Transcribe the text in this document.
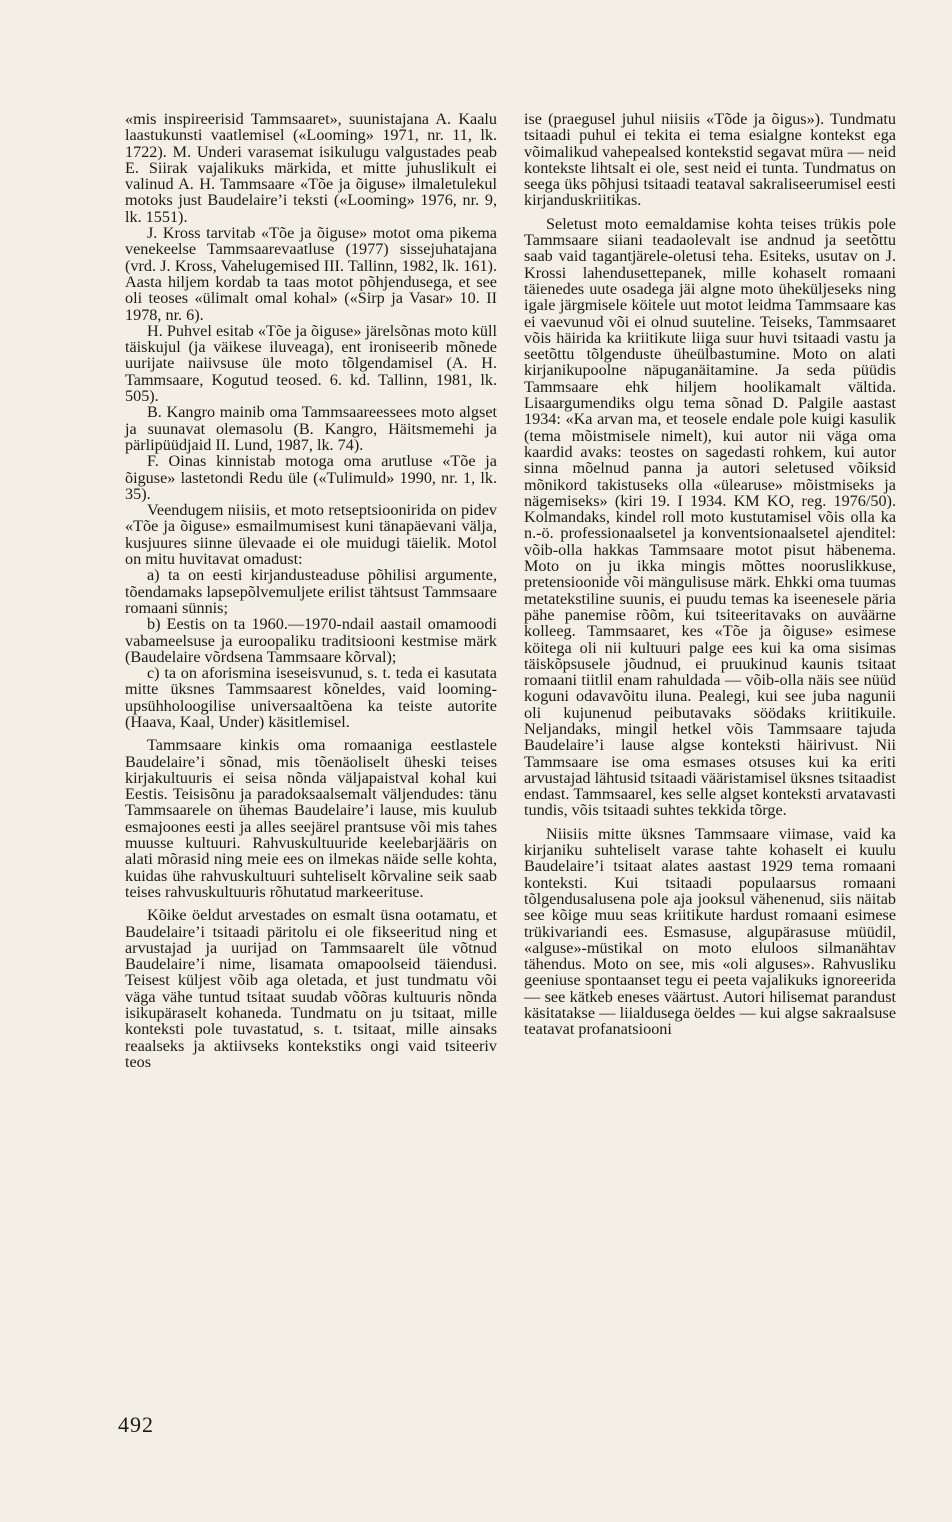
«mis inspireerisid Tammsaaret», suunistajana A. Kaalu laastukunsti vaatlemisel («Looming» 1971, nr. 11, lk. 1722). M. Underi varasemat isikulugu valgustades peab E. Siirak vajalikuks märkida, et mitte juhuslikult ei valinud A. H. Tammsaare «Tõe ja õiguse» ilmaletulekul motoks just Baudelaire’i teksti («Looming» 1976, nr. 9, lk. 1551).

J. Kross tarvitab «Tõe ja õiguse» motot oma pikema venekeelse Tammsaarevaatluse (1977) sissejuhatajana (vrd. J. Kross, Vahelugemised III. Tallinn, 1982, lk. 161). Aasta hiljem kordab ta taas motot põhjendusega, et see oli teoses «ülimalt omal kohal» («Sirp ja Vasar» 10. II 1978, nr. 6).

H. Puhvel esitab «Tõe ja õiguse» järelsõnas moto küll täiskujul (ja väikese iluveaga), ent ironiseerib mõnede uurijate naiivsuse üle moto tõlgendamisel (A. H. Tammsaare, Kogutud teosed. 6. kd. Tallinn, 1981, lk. 505).

B. Kangro mainib oma Tammsaareessees moto algset ja suunavat olemasolu (B. Kangro, Häitsmemehi ja pärlipüüdjaid II. Lund, 1987, lk. 74).

F. Oinas kinnistab motoga oma arutluse «Tõe ja õiguse» lastetondi Redu üle («Tulimuld» 1990, nr. 1, lk. 35).

Veendugem niisiis, et moto retseptsioonirida on pidev «Tõe ja õiguse» esmailmumisest kuni tänapäevani välja, kusjuures siinne ülevaade ei ole muidugi täielik. Motol on mitu huvitavat omadust:

a) ta on eesti kirjandusteaduse põhilisi argumente, tõendamaks lapsepõlvemuljete erilist tähtsust Tammsaare romaani sünnis;

b) Eestis on ta 1960.—1970-ndail aastail omamoodi vabameelsuse ja euroopaliku traditsiooni kestmise märk (Baudelaire võrdsena Tammsaare kõrval);

c) ta on aforismina iseseisvunud, s. t. teda ei kasutata mitte üksnes Tammsaarest kõneldes, vaid loomingupsühholoogilise universaaltõena ka teiste autorite (Haava, Kaal, Under) käsitlemisel.

Tammsaare kinkis oma romaaniga eestlastele Baudelaire’i sõnad, mis tõenäoliselt üheski teises kirjakultuuris ei seisa nõnda väljapaistval kohal kui Eestis. Teisisõnu ja paradoksaalsemalt väljendudes: tänu Tammsaarele on ühemas Baudelaire’i lause, mis kuulub esmajoones eesti ja alles seejärel prantsuse või mis tahes muusse kultuuri. Rahvuskultuuride keelebarjääris on alati mõrasid ning meie ees on ilmekas näide selle kohta, kuidas ühe rahvuskultuuri suhteliselt kõrvaline seik saab teises rahvuskultuuris rõhutatud markeerituse.

Kõike öeldut arvestades on esmalt üsna ootamatu, et Baudelaire’i tsitaadi päritolu ei ole fikseeritud ning et arvustajad ja uurijad on Tammsaarelt üle võtnud Baudelaire’i nime, lisamata omapoolseid täiendusi. Teisest küljest võib aga oletada, et just tundmatu või väga vähe tuntud tsitaat suudab võõras kultuuris nõnda isikupäraselt kohaneda. Tundmatu on ju tsitaat, mille konteksti pole tuvastatud, s. t. tsitaat, mille ainsaks reaalseks ja aktiivseks kontekstiks ongi vaid tsiteeriv teos

ise (praegusel juhul niisiis «Tõde ja õigus»). Tundmatu tsitaadi puhul ei tekita ei tema esialgne kontekst ega võimalikud vahepealsed kontekstid segavat müra — neid kontekste lihtsalt ei ole, sest neid ei tunta. Tundmatus on seega üks põhjusi tsitaadi teataval sakraliseerumisel eesti kirjanduskriitikas.

Seletust moto eemaldamise kohta teises trükis pole Tammsaare siiani teadaolevalt ise andnud ja seetõttu saab vaid tagantjärele-oletusi teha. Esiteks, usutav on J. Krossi lahendusettepanek, mille kohaselt romaani täienedes uute osadega jäi algne moto üheküljeseks ning igale järgmisele köitele uut motot leidma Tammsaare kas ei vaevunud või ei olnud suuteline. Teiseks, Tammsaaret võis häirida ka kriitikute liiga suur huvi tsitaadi vastu ja seetõttu tõlgenduste üheülbastumine. Moto on alati kirjanikupoolne näpuganäitamine. Ja seda püüdis Tammsaare ehk hiljem hoolikamalt vältida. Lisaargumendiks olgu tema sõnad D. Palgile aastast 1934: «Ka arvan ma, et teosele endale pole kuigi kasulik (tema mõistmisele nimelt), kui autor nii väga oma kaardid avaks: teostes on sagedasti rohkem, kui autor sinna mõelnud panna ja autori seletused võiksid mõnikord takistuseks olla «ülearuse» mõistmiseks ja nägemiseks» (kiri 19. I 1934. KM KO, reg. 1976/50). Kolmandaks, kindel roll moto kustutamisel võis olla ka n.-ö. professionaalsetel ja konventsionaalsetel ajenditel: võib-olla hakkas Tammsaare motot pisut häbenema. Moto on ju ikka mingis mõttes nooruslikkuse, pretensioonide või mängulisuse märk. Ehkki oma tuumas metatekstiline suunis, ei puudu temas ka iseenesele päria pähe panemise rõõm, kui tsiteeritavaks on auväärne kolleeg. Tammsaaret, kes «Tõe ja õiguse» esimese köitega oli nii kultuuri palge ees kui ka oma sisimas täiskõpsusele jõudnud, ei pruukinud kaunis tsitaat romaani tiitlil enam rahuldada — võib-olla näis see nüüd koguni odavavõitu iluna. Pealegi, kui see juba nagunii oli kujunenud peibutavaks söödaks kriitikuile. Neljandaks, mingil hetkel võis Tammsaare tajuda Baudelaire’i lause algse konteksti häirivust. Nii Tammsaare ise oma esmases otsuses kui ka eriti arvustajad lähtusid tsitaadi vääristamisel üksnes tsitaadist endast. Tammsaarel, kes selle algset konteksti arvatavasti tundis, võis tsitaadi suhtes tekkida tõrge.

Niisiis mitte üksnes Tammsaare viimase, vaid ka kirjaniku suhteliselt varase tahte kohaselt ei kuulu Baudelaire’i tsitaat alates aastast 1929 tema romaani konteksti. Kui tsitaadi populaarsus romaani tõlgendusalusena pole aja jooksul vähenenud, siis näitab see kõige muu seas kriitikute hardust romaani esimese trükivariandi ees. Esmasuse, algupärasuse müüdil, «alguse»-müstikal on moto eluloos silmanähtav tähendus. Moto on see, mis «oli alguses». Rahvusliku geeniuse spontaanset tegu ei peeta vajalikuks ignoreerida — see kätkeb eneses väärtust. Autori hilisemat parandust käsitatakse — liialdusega öeldes — kui algse sakraalsuse teatavat profanatsiooni

492
